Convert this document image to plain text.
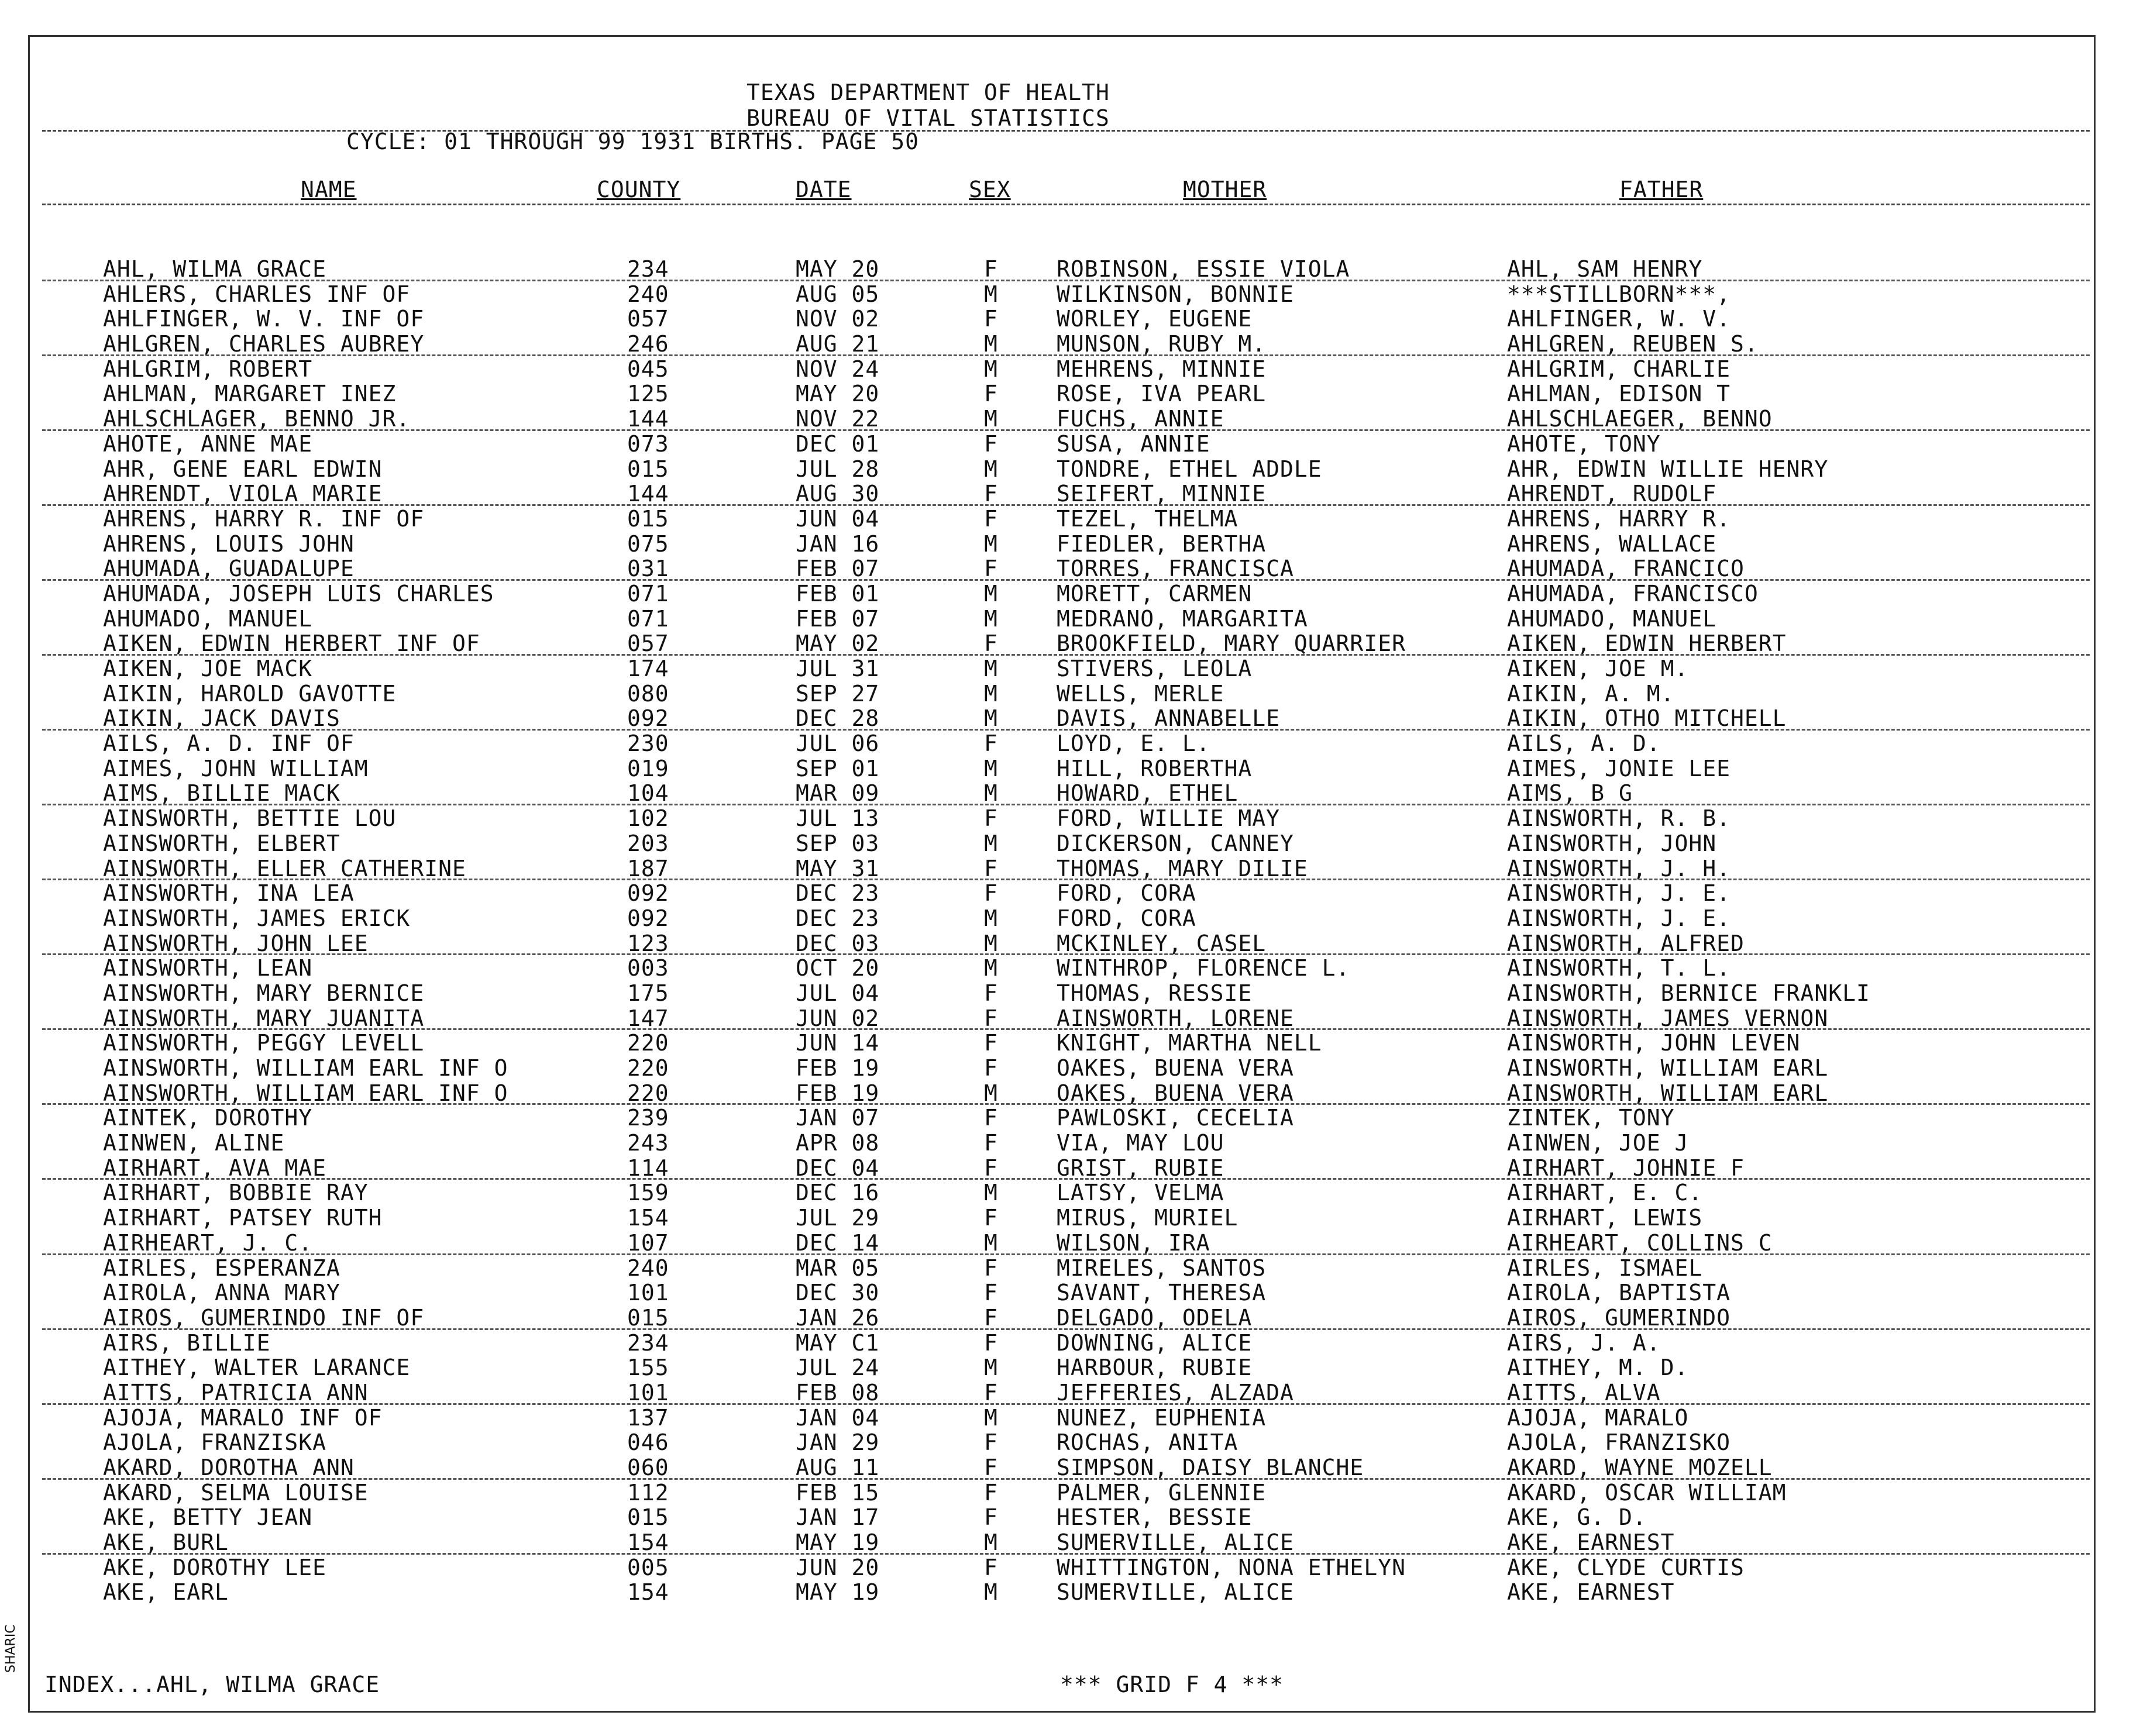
TEXAS DEPARTMENT OF HEALTH
BUREAU OF VITAL STATISTICS
CYCLE: 01 THROUGH 99 1931 BIRTHS. PAGE 50
NAME	COUNTY	DATE	SEX	MOTHER	FATHER
AHL, WILMA GRACE	234	MAY 20	F	ROBINSON, ESSIE VIOLA	AHL, SAM HENRY
AHLERS, CHARLES INF OF	240	AUG 05	M	WILKINSON, BONNIE	***STILLBORN***,
AHLFINGER, W. V. INF OF	057	NOV 02	F	WORLEY, EUGENE	AHLFINGER, W. V.
AHLGREN, CHARLES AUBREY	246	AUG 21	M	MUNSON, RUBY M.	AHLGREN, REUBEN S.
AHLGRIM, ROBERT	045	NOV 24	M	MEHRENS, MINNIE	AHLGRIM, CHARLIE
AHLMAN, MARGARET INEZ	125	MAY 20	F	ROSE, IVA PEARL	AHLMAN, EDISON T
AHLSCHLAGER, BENNO JR.	144	NOV 22	M	FUCHS, ANNIE	AHLSCHLAEGER, BENNO
AHOTE, ANNE MAE	073	DEC 01	F	SUSA, ANNIE	AHOTE, TONY
AHR, GENE EARL EDWIN	015	JUL 28	M	TONDRE, ETHEL ADDLE	AHR, EDWIN WILLIE HENRY
AHRENDT, VIOLA MARIE	144	AUG 30	F	SEIFERT, MINNIE	AHRENDT, RUDOLF
AHRENS, HARRY R. INF OF	015	JUN 04	F	TEZEL, THELMA	AHRENS, HARRY R.
AHRENS, LOUIS JOHN	075	JAN 16	M	FIEDLER, BERTHA	AHRENS, WALLACE
AHUMADA, GUADALUPE	031	FEB 07	F	TORRES, FRANCISCA	AHUMADA, FRANCICO
AHUMADA, JOSEPH LUIS CHARLES	071	FEB 01	M	MORETT, CARMEN	AHUMADA, FRANCISCO
AHUMADO, MANUEL	071	FEB 07	M	MEDRANO, MARGARITA	AHUMADO, MANUEL
AIKEN, EDWIN HERBERT INF OF	057	MAY 02	F	BROOKFIELD, MARY QUARRIER	AIKEN, EDWIN HERBERT
AIKEN, JOE MACK	174	JUL 31	M	STIVERS, LEOLA	AIKEN, JOE M.
AIKIN, HAROLD GAVOTTE	080	SEP 27	M	WELLS, MERLE	AIKIN, A. M.
AIKIN, JACK DAVIS	092	DEC 28	M	DAVIS, ANNABELLE	AIKIN, OTHO MITCHELL
AILS, A. D. INF OF	230	JUL 06	F	LOYD, E. L.	AILS, A. D.
AIMES, JOHN WILLIAM	019	SEP 01	M	HILL, ROBERTHA	AIMES, JONIE LEE
AIMS, BILLIE MACK	104	MAR 09	M	HOWARD, ETHEL	AIMS, B G
AINSWORTH, BETTIE LOU	102	JUL 13	F	FORD, WILLIE MAY	AINSWORTH, R. B.
AINSWORTH, ELBERT	203	SEP 03	M	DICKERSON, CANNEY	AINSWORTH, JOHN
AINSWORTH, ELLER CATHERINE	187	MAY 31	F	THOMAS, MARY DILIE	AINSWORTH, J. H.
AINSWORTH, INA LEA	092	DEC 23	F	FORD, CORA	AINSWORTH, J. E.
AINSWORTH, JAMES ERICK	092	DEC 23	M	FORD, CORA	AINSWORTH, J. E.
AINSWORTH, JOHN LEE	123	DEC 03	M	MCKINLEY, CASEL	AINSWORTH, ALFRED
AINSWORTH, LEAN	003	OCT 20	M	WINTHROP, FLORENCE L.	AINSWORTH, T. L.
AINSWORTH, MARY BERNICE	175	JUL 04	F	THOMAS, RESSIE	AINSWORTH, BERNICE FRANKLI
AINSWORTH, MARY JUANITA	147	JUN 02	F	AINSWORTH, LORENE	AINSWORTH, JAMES VERNON
AINSWORTH, PEGGY LEVELL	220	JUN 14	F	KNIGHT, MARTHA NELL	AINSWORTH, JOHN LEVEN
AINSWORTH, WILLIAM EARL INF O	220	FEB 19	F	OAKES, BUENA VERA	AINSWORTH, WILLIAM EARL
AINSWORTH, WILLIAM EARL INF O	220	FEB 19	M	OAKES, BUENA VERA	AINSWORTH, WILLIAM EARL
AINTEK, DOROTHY	239	JAN 07	F	PAWLOSKI, CECELIA	ZINTEK, TONY
AINWEN, ALINE	243	APR 08	F	VIA, MAY LOU	AINWEN, JOE J
AIRHART, AVA MAE	114	DEC 04	F	GRIST, RUBIE	AIRHART, JOHNIE F
AIRHART, BOBBIE RAY	159	DEC 16	M	LATSY, VELMA	AIRHART, E. C.
AIRHART, PATSEY RUTH	154	JUL 29	F	MIRUS, MURIEL	AIRHART, LEWIS
AIRHEART, J. C.	107	DEC 14	M	WILSON, IRA	AIRHEART, COLLINS C
AIRLES, ESPERANZA	240	MAR 05	F	MIRELES, SANTOS	AIRLES, ISMAEL
AIROLA, ANNA MARY	101	DEC 30	F	SAVANT, THERESA	AIROLA, BAPTISTA
AIROS, GUMERINDO INF OF	015	JAN 26	F	DELGADO, ODELA	AIROS, GUMERINDO
AIRS, BILLIE	234	MAY C1	F	DOWNING, ALICE	AIRS, J. A.
AITHEY, WALTER LARANCE	155	JUL 24	M	HARBOUR, RUBIE	AITHEY, M. D.
AITTS, PATRICIA ANN	101	FEB 08	F	JEFFERIES, ALZADA	AITTS, ALVA
AJOJA, MARALO INF OF	137	JAN 04	M	NUNEZ, EUPHENIA	AJOJA, MARALO
AJOLA, FRANZISKA	046	JAN 29	F	ROCHAS, ANITA	AJOLA, FRANZISKO
AKARD, DOROTHA ANN	060	AUG 11	F	SIMPSON, DAISY BLANCHE	AKARD, WAYNE MOZELL
AKARD, SELMA LOUISE	112	FEB 15	F	PALMER, GLENNIE	AKARD, OSCAR WILLIAM
AKE, BETTY JEAN	015	JAN 17	F	HESTER, BESSIE	AKE, G. D.
AKE, BURL	154	MAY 19	M	SUMERVILLE, ALICE	AKE, EARNEST
AKE, DOROTHY LEE	005	JUN 20	F	WHITTINGTON, NONA ETHELYN	AKE, CLYDE CURTIS
AKE, EARL	154	MAY 19	M	SUMERVILLE, ALICE	AKE, EARNEST
INDEX...AHL, WILMA GRACE	*** GRID F 4 ***
SHARIC
